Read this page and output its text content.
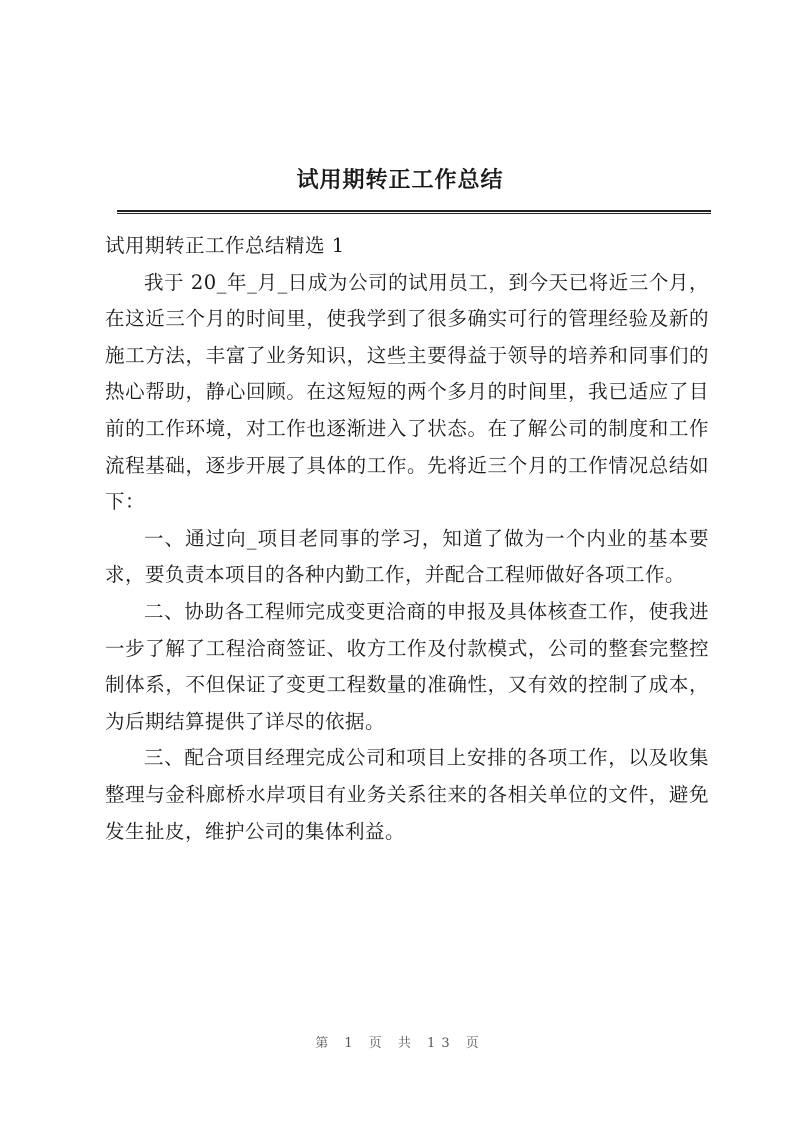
试用期转正工作总结

试用期转正工作总结精选 1

我于 20_年_月_日成为公司的试用员工，到今天已将近三个月，在这近三个月的时间里，使我学到了很多确实可行的管理经验及新的施工方法，丰富了业务知识，这些主要得益于领导的培养和同事们的热心帮助，静心回顾。在这短短的两个多月的时间里，我已适应了目前的工作环境，对工作也逐渐进入了状态。在了解公司的制度和工作流程基础，逐步开展了具体的工作。先将近三个月的工作情况总结如下：

一、通过向_项目老同事的学习，知道了做为一个内业的基本要求，要负责本项目的各种内勤工作，并配合工程师做好各项工作。

二、协助各工程师完成变更洽商的申报及具体核查工作，使我进一步了解了工程洽商签证、收方工作及付款模式，公司的整套完整控制体系，不但保证了变更工程数量的准确性，又有效的控制了成本，为后期结算提供了详尽的依据。

三、配合项目经理完成公司和项目上安排的各项工作，以及收集整理与金科廊桥水岸项目有业务关系往来的各相关单位的文件，避免发生扯皮，维护公司的集体利益。

第 1 页 共 13 页
